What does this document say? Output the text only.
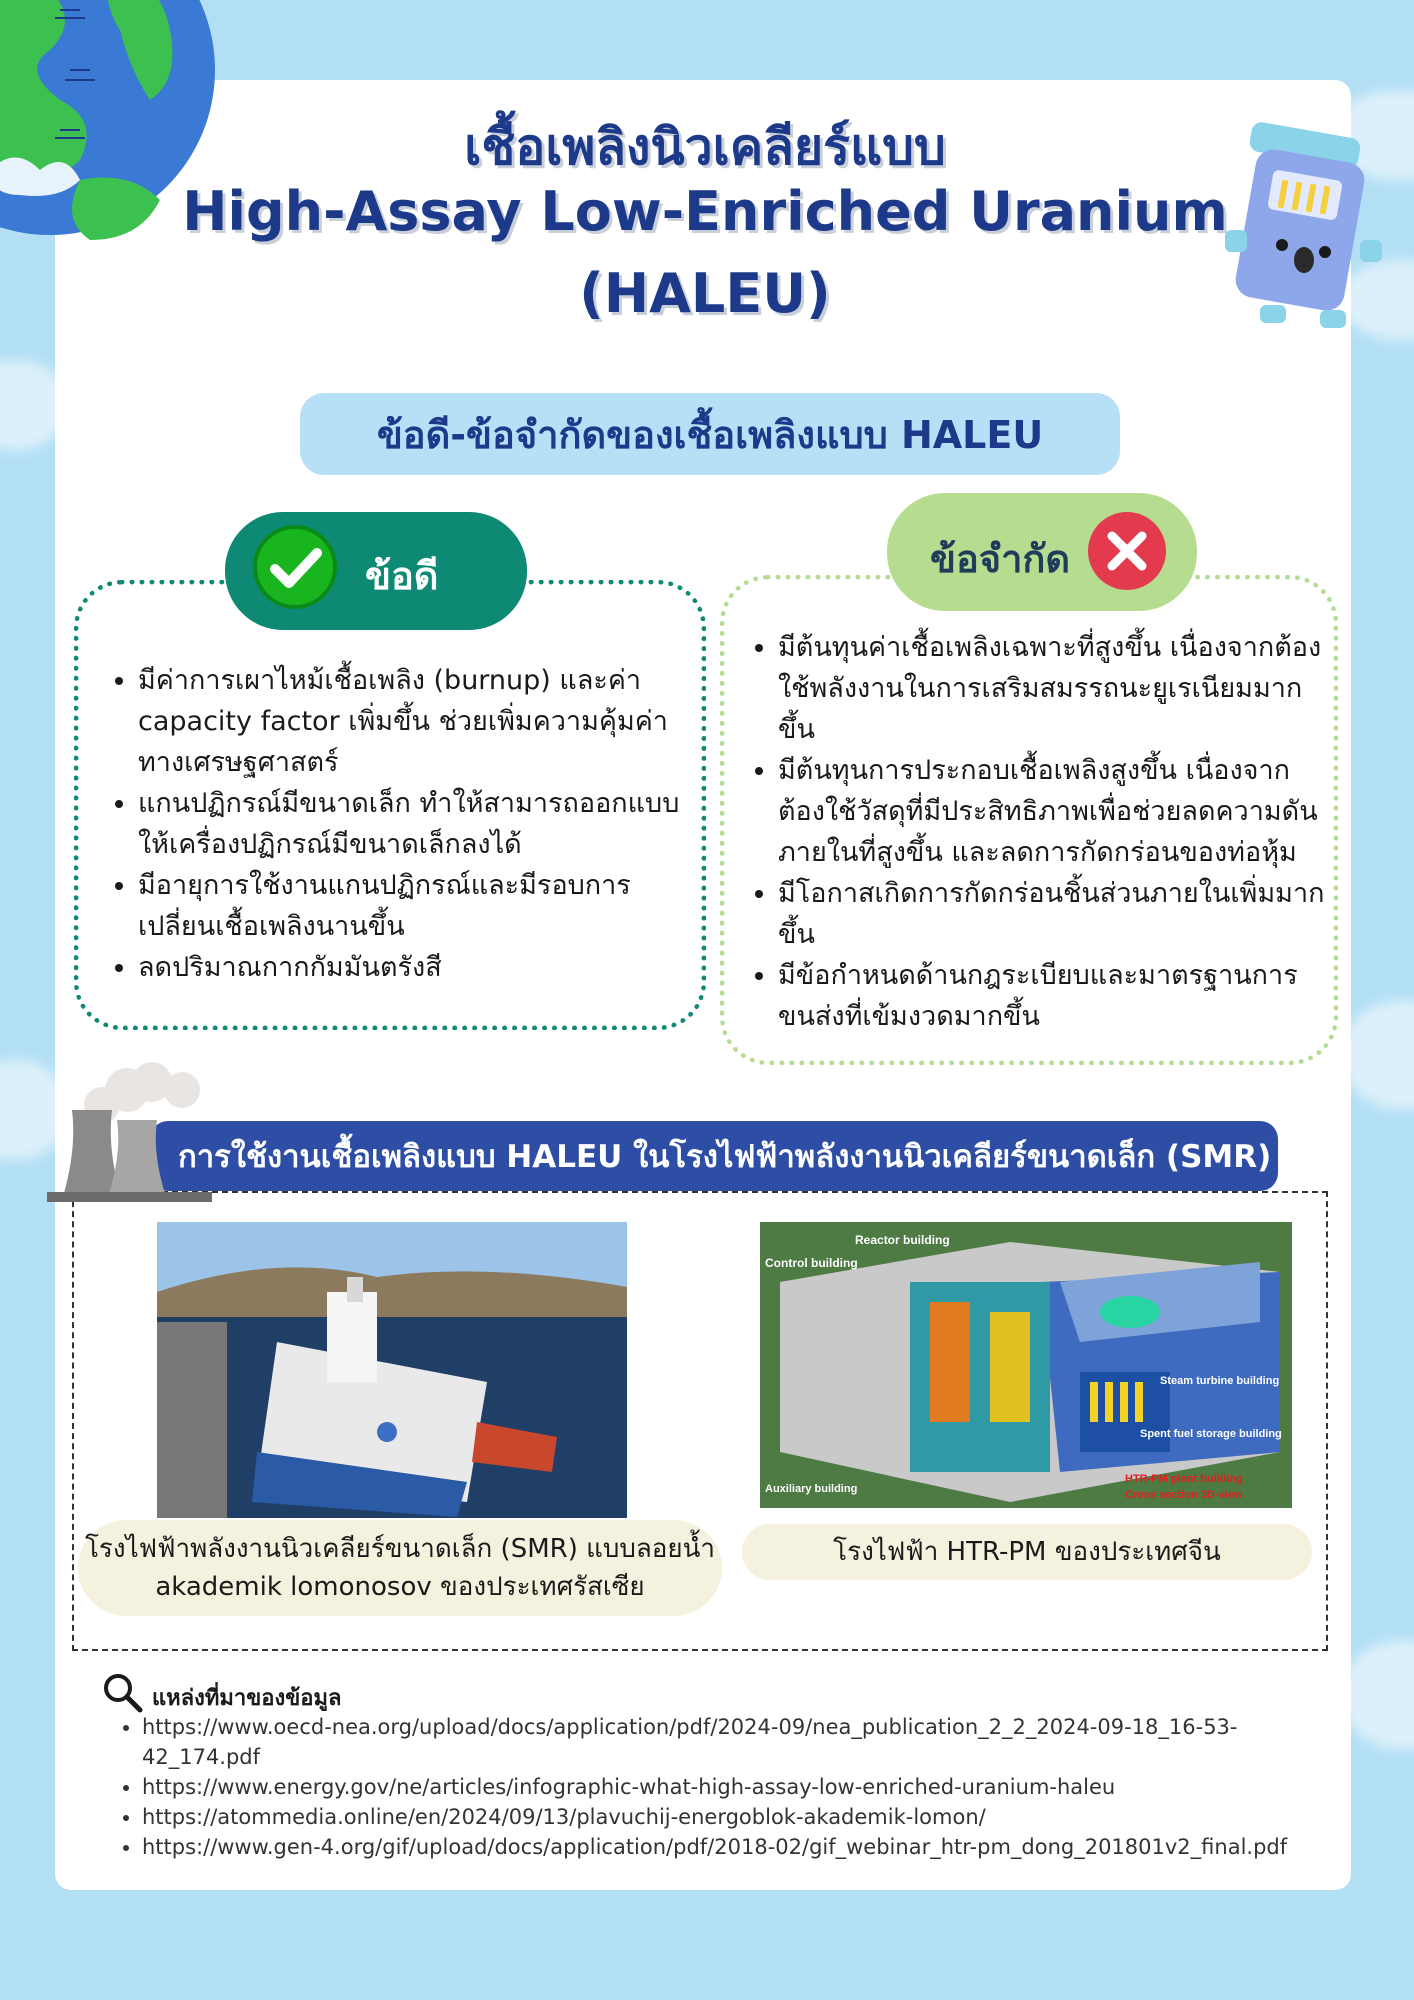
เชื้อเพลิงนิวเคลียร์แบบ
High-Assay Low-Enriched Uranium
(HALEU)
ข้อดี-ข้อจำกัดของเชื้อเพลิงแบบ HALEU
ข้อดี
• มีค่าการเผาไหม้เชื้อเพลิง (burnup) และค่า capacity factor เพิ่มขึ้น ช่วยเพิ่มความคุ้มค่าทางเศรษฐศาสตร์
• แกนปฏิกรณ์มีขนาดเล็ก ทำให้สามารถออกแบบให้เครื่องปฏิกรณ์มีขนาดเล็กลงได้
• มีอายุการใช้งานแกนปฏิกรณ์และมีรอบการเปลี่ยนเชื้อเพลิงนานขึ้น
• ลดปริมาณกากกัมมันตรังสี
ข้อจำกัด
• มีต้นทุนค่าเชื้อเพลิงเฉพาะที่สูงขึ้น เนื่องจากต้องใช้พลังงานในการเสริมสมรรถนะยูเรเนียมมากขึ้น
• มีต้นทุนการประกอบเชื้อเพลิงสูงขึ้น เนื่องจากต้องใช้วัสดุที่มีประสิทธิภาพเพื่อช่วยลดความดันภายในที่สูงขึ้น และลดการกัดกร่อนของท่อหุ้ม
• มีโอกาสเกิดการกัดกร่อนชิ้นส่วนภายในเพิ่มมากขึ้น
• มีข้อกำหนดด้านกฎระเบียบและมาตรฐานการขนส่งที่เข้มงวดมากขึ้น
การใช้งานเชื้อเพลิงแบบ HALEU ในโรงไฟฟ้าพลังงานนิวเคลียร์ขนาดเล็ก (SMR)
Reactor building
Control building
Steam turbine building
Spent fuel storage building
Auxiliary building
HTR-PM plant building
Cross section 3D-view
โรงไฟฟ้าพลังงานนิวเคลียร์ขนาดเล็ก (SMR) แบบลอยน้ำ akademik lomonosov ของประเทศรัสเซีย
โรงไฟฟ้า HTR-PM ของประเทศจีน
แหล่งที่มาของข้อมูล
• https://www.oecd-nea.org/upload/docs/application/pdf/2024-09/nea_publication_2_2_2024-09-18_16-53-42_174.pdf
• https://www.energy.gov/ne/articles/infographic-what-high-assay-low-enriched-uranium-haleu
• https://atommedia.online/en/2024/09/13/plavuchij-energoblok-akademik-lomon/
• https://www.gen-4.org/gif/upload/docs/application/pdf/2018-02/gif_webinar_htr-pm_dong_201801v2_final.pdf
